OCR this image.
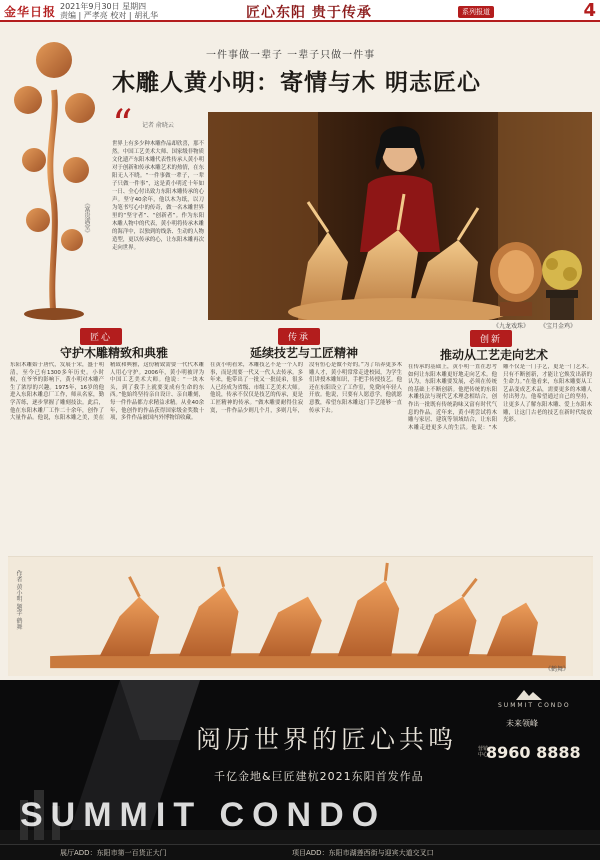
金华日报 2021年9月30日 星期四
责编 | 严孝亮 校对 | 胡礼华	匠心东阳 贵于传承	系列报道	4
《富贵满堂》
一件事做一辈子 一辈子只做一件事
木雕人黄小明：寄情与木 明志匠心
“ 记者 俞晓云
世界上有多少种木雕作品却欣喜，那不然。中国工艺美术大师、国家级非物质文化遗产东阳木雕代表性传承人黄小明对于创新和传承木雕艺术的热情，在东阳无人不晓。“一件事做一辈子，一辈子只做一件事”，这是黄小明近十年如一日、全心付出致力东阳木雕传承的心声。坚守40余年，他以木为纸，以刀为笔书写心中的传奇，做一名木雕世界里的“坚守者”、“创新者”。作为东阳木雕人物中的代表，黄小明将传承木雕的海洋中，以独到的线条、生动的人物造型，更以传承的心，让东阳木雕再次走向世界。
《九龙戏珠》 《宝月金鸡》
匠心
守护木雕精致和典雅
东阳木雕始于唐代，发展于宋，盛于明清，至今已有1300多年历史。小时候，在爷爷的影响下，黄小明对木雕产生了浓厚的兴趣。1975年，16岁的他进入东阳木雕总厂工作，师从名家，勤学苦练，逐步掌握了雕刻技法。此后，他在东阳木雕厂工作二十余年，创作了大量作品。他说，东阳木雕之美，美在精致和典雅，这份精致需要一代代木雕人用心守护。2006年，黄小明被评为中国工艺美术大师。他说：“一块木头，到了我手上就要变成有生命的东西。”他始终坚持亲自设计、亲自雕刻，每一件作品都力求精益求精。从业40余年，他创作的作品获得国家级金奖数十项，多件作品被国内外博物馆收藏。
传承
延续技艺与工匠精神
在黄小明看来，木雕技艺不是一个人的事，而是需要一代又一代人去传承。多年来，他带出了一批又一批徒弟，很多人已经成为省级、市级工艺美术大师。他说，传承不仅仅是技艺的传承，更是工匠精神的传承。“做木雕要耐得住寂寞，一件作品少则几个月，多则几年，没有恒心是做不好的。”为了培养更多木雕人才，黄小明常常走进校园，为学生们讲授木雕知识，手把手传授技艺。他还在东阳设立了工作室，免费向年轻人开放。他说，只要有人愿意学，他就愿意教，希望东阳木雕这门手艺能够一直传承下去。
创新
推动从工艺走向艺术
在传承的基础上，黄小明一直在思考如何让东阳木雕更好地走向艺术。他认为，东阳木雕要发展，必须在传统的基础上不断创新。他把传统的东阳木雕技法与现代艺术理念相结合，创作出一批既有传统韵味又富有时代气息的作品。近年来，黄小明尝试将木雕与家居、建筑等领域结合，让东阳木雕走进更多人的生活。他说：“木雕不仅是一门手艺，更是一门艺术。只有不断创新，才能让它焕发出新的生命力。”在他看来，东阳木雕要从工艺品变成艺术品，需要更多的木雕人付出努力。他希望通过自己的坚持，让更多人了解东阳木雕、爱上东阳木雕，让这门古老的技艺在新时代绽放光彩。
作者 黄小明 题字 鹤舞
《鹤舞》
阅历世界的匠心共鸣
千亿金地&巨匠建杭2021东阳首发作品
SUMMIT CONDO
未来领峰
营销中心
8960 8888
SUMMIT CONDO
展厅ADD：东阳市第一百货正大门	项目ADD：东阳市湖莲西街与迎宾大道交叉口
